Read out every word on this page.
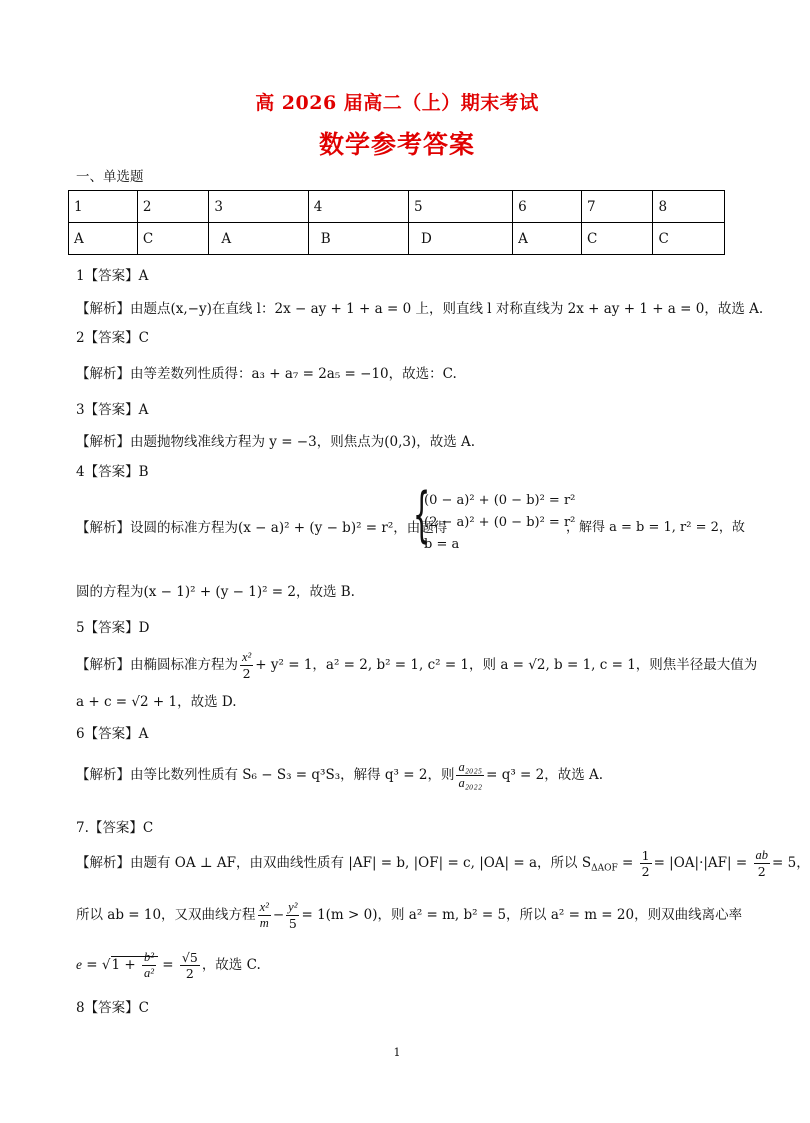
高 2026 届高二（上）期末考试
数学参考答案
一、单选题
1	2	3	4	5	6	7	8
A	C	A	B	D	A	C	C
1【答案】A
【解析】由题点(x,−y)在直线 l：2x − ay + 1 + a = 0 上，则直线 l 对称直线为 2x + ay + 1 + a = 0，故选 A.
2【答案】C
【解析】由等差数列性质得：a₃ + a₇ = 2a₅ = −10，故选：C.
3【答案】A
【解析】由题抛物线准线方程为 y = −3，则焦点为(0,3)，故选 A.
4【答案】B
【解析】设圆的标准方程为(x − a)² + (y − b)² = r²，由题得
{
(0 − a)² + (0 − b)² = r²
(2 − a)² + (0 − b)² = r²
b = a
，解得 a = b = 1, r² = 2，故
圆的方程为(x − 1)² + (y − 1)² = 2，故选 B.
5【答案】D
【解析】由椭圆标准方程为 $\frac{\text{x²}}{2} + y^2 = 1$，a² = 2, b² = 1, c² = 1，则 a = √2, b = 1, c = 1，则焦半径最大值为
a + c = √2 + 1，故选 D.
6【答案】A
【解析】由等比数列性质有 S₆ − S₃ = q³S₃，解得 q³ = 2，则 $\frac{\text{a₂₀₂₅}}{\text{a₂₀₂₂}} = q^3 = 2$，故选 A.
7.【答案】C
【解析】由题有 OA ⊥ AF，由双曲线性质有 |AF| = b, |OF| = c, |OA| = a，所以 $S_{\Delta AOF} = \frac{1}{2} = |OA|\cdot|AF| = \frac{ab}{2} = 5$，
所以 ab = 10，又双曲线方程 $\frac{\text{x²}}{m} - \frac{\text{y²}}{5} = 1(m > 0)$，则 a² = m, b² = 5，所以 a² = m = 20，则双曲线离心率
$e = √1 + \frac{\text{b²}}{\text{a²}} = \frac{√5}{2}$ ，故选 C.
8【答案】C
1
